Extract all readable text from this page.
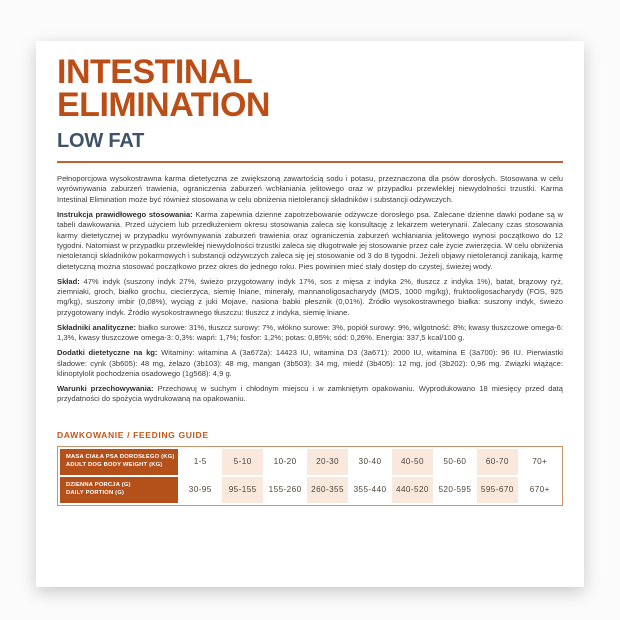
INTESTINAL
ELIMINATION
LOW FAT

Pełnoporcjowa wysokostrawna karma dietetyczna ze zwiększoną zawartością sodu i potasu, przeznaczona dla psów dorosłych. Stosowana w celu wyrównywania zaburzeń trawienia, ograniczenia zaburzeń wchłaniania jelitowego oraz w przypadku przewlekłej niewydolności trzustki. Karma Intestinal Elimination może być również stosowana w celu obniżenia nietolerancji składników i substancji odżywczych.

Instrukcja prawidłowego stosowania: Karma zapewnia dzienne zapotrzebowanie odżywcze dorosłego psa. Zalecane dzienne dawki podane są w tabeli dawkowania. Przed użyciem lub przedłużeniem okresu stosowania zaleca się konsultację z lekarzem weterynarii. Zalecany czas stosowania karmy dietetycznej w przypadku wyrównywania zaburzeń trawienia oraz ograniczenia zaburzeń wchłaniania jelitowego wynosi początkowo do 12 tygodni. Natomiast w przypadku przewlekłej niewydolności trzustki zaleca się długotrwałe jej stosowanie przez całe życie zwierzęcia. W celu obniżenia nietolerancji składników pokarmowych i substancji odżywczych zaleca się jej stosowanie od 3 do 8 tygodni. Jeżeli objawy nietolerancji zanikają, karmę dietetyczną można stosować początkowo przez okres do jednego roku. Pies powinien mieć stały dostęp do czystej, świeżej wody.

Skład: 47% indyk (suszony indyk 27%, świeżo przygotowany indyk 17%, sos z mięsa z indyka 2%, tłuszcz z indyka 1%), batat, brązowy ryż, ziemniaki, groch, białko grochu, ciecierzyca, siemię lniane, minerały, mannanoligosacharydy (MOS, 1000 mg/kg), fruktooligosacharydy (FOS, 925 mg/kg), suszony imbir (0,08%), wyciąg z juki Mojave, nasiona babki płesznik (0,01%). Źródło wysokostrawnego białka: suszony indyk, świeżo przygotowany indyk. Źródło wysokostrawnego tłuszczu: tłuszcz z indyka, siemię lniane.

Składniki analityczne: białko surowe: 31%, tłuszcz surowy: 7%, włókno surowe: 3%, popiół surowy: 9%, wilgotność: 8%; kwasy tłuszczowe omega-6: 1,3%, kwasy tłuszczowe omega-3: 0,3%: wapń: 1,7%; fosfor: 1,2%; potas: 0,85%; sód: 0,26%. Energia: 337,5 kcal/100 g.

Dodatki dietetyczne na kg: Witaminy: witamina A (3a672a): 14423 IU, witamina D3 (3a671): 2000 IU, witamina E (3a700): 96 IU. Pierwiastki śladowe: cynk (3b605): 48 mg, żelazo (3b103): 48 mg, mangan (3b503): 34 mg, miedź (3b405): 12 mg, jod (3b202): 0,96 mg. Związki wiążące: klinoptylolit pochodzenia osadowego (1g568): 4,9 g.

Warunki przechowywania: Przechowuj w suchym i chłodnym miejscu i w zamkniętym opakowaniu. Wyprodukowano 18 miesięcy przed datą przydatności do spożycia wydrukowaną na opakowaniu.

DAWKOWANIE / FEEDING GUIDE
MASA CIAŁA PSA DOROSŁEGO (KG)
ADULT DOG BODY WEIGHT (KG)	1-5	5-10	10-20	20-30	30-40	40-50	50-60	60-70	70+
DZIENNA PORCJA (G)
DAILY PORTION (G)	30-95	95-155	155-260	260-355	355-440	440-520	520-595	595-670	670+
